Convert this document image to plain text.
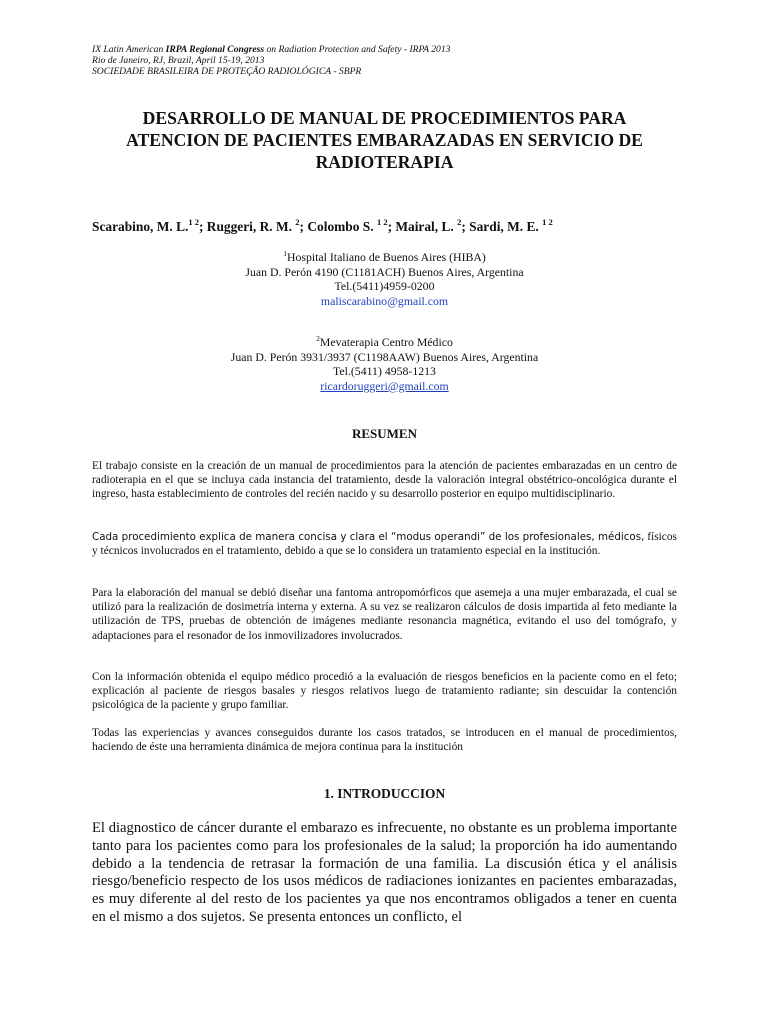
IX Latin American IRPA Regional Congress on Radiation Protection and Safety - IRPA 2013
Rio de Janeiro, RJ, Brazil, April 15-19, 2013
SOCIEDADE BRASILEIRA DE PROTEÇÃO RADIOLÓGICA - SBPR
DESARROLLO DE MANUAL DE PROCEDIMIENTOS PARA
ATENCION DE PACIENTES EMBARAZADAS EN SERVICIO DE
RADIOTERAPIA
Scarabino, M. L.$^{1 2}$; Ruggeri, R. M. $^2$; Colombo S. $^{1 2}$; Mairal, L. $^2$; Sardi, M. E. $^{1 2}$
$^1$Hospital Italiano de Buenos Aires (HIBA)
Juan D. Perón 4190 (C1181ACH) Buenos Aires, Argentina
Tel.(5411)4959-0200
maliscarabino@gmail.com
$^2$Mevaterapia Centro Médico
Juan D. Perón 3931/3937 (C1198AAW) Buenos Aires, Argentina
Tel.(5411) 4958-1213
ricardoruggeri@gmail.com
RESUMEN
El trabajo consiste en la creación de un manual de procedimientos para la atención de pacientes embarazadas en un centro de radioterapia en el que se incluya cada instancia del tratamiento, desde la valoración integral obstétrico-oncológica durante el ingreso, hasta establecimiento de controles del recién nacido y su desarrollo posterior en equipo multidisciplinario.
Cada procedimiento explica de manera concisa y clara el “modus operandi” de los profesionales, médicos, físicos y técnicos involucrados en el tratamiento, debido a que se lo considera un tratamiento especial en la institución.
Para la elaboración del manual se debió diseñar una fantoma antropomórficos que asemeja a una mujer embarazada, el cual se utilizó para la realización de dosimetría interna y externa. A su vez se realizaron cálculos de dosis impartida al feto mediante la utilización de TPS, pruebas de obtención de imágenes mediante resonancia magnética, evitando el uso del tomógrafo, y adaptaciones para el resonador de los inmovilizadores involucrados.
Con la información obtenida el equipo médico procedió a la evaluación de riesgos beneficios en la paciente como en el feto; explicación al paciente de riesgos basales y riesgos relativos luego de tratamiento radiante; sin descuidar la contención psicológica de la paciente y grupo familiar.
Todas las experiencias y avances conseguidos durante los casos tratados, se introducen en el manual de procedimientos, haciendo de éste una herramienta dinámica de mejora continua para la institución
1. INTRODUCCION
El diagnostico de cáncer durante el embarazo es infrecuente, no obstante es un problema importante tanto para los pacientes como para los profesionales de la salud; la proporción ha ido aumentando debido a la tendencia de retrasar la formación de una familia. La discusión ética y el análisis riesgo/beneficio respecto de los usos médicos de radiaciones ionizantes en pacientes embarazadas, es muy diferente al del resto de los pacientes ya que nos encontramos obligados a tener en cuenta en el mismo a dos sujetos. Se presenta entonces un conflicto, el
